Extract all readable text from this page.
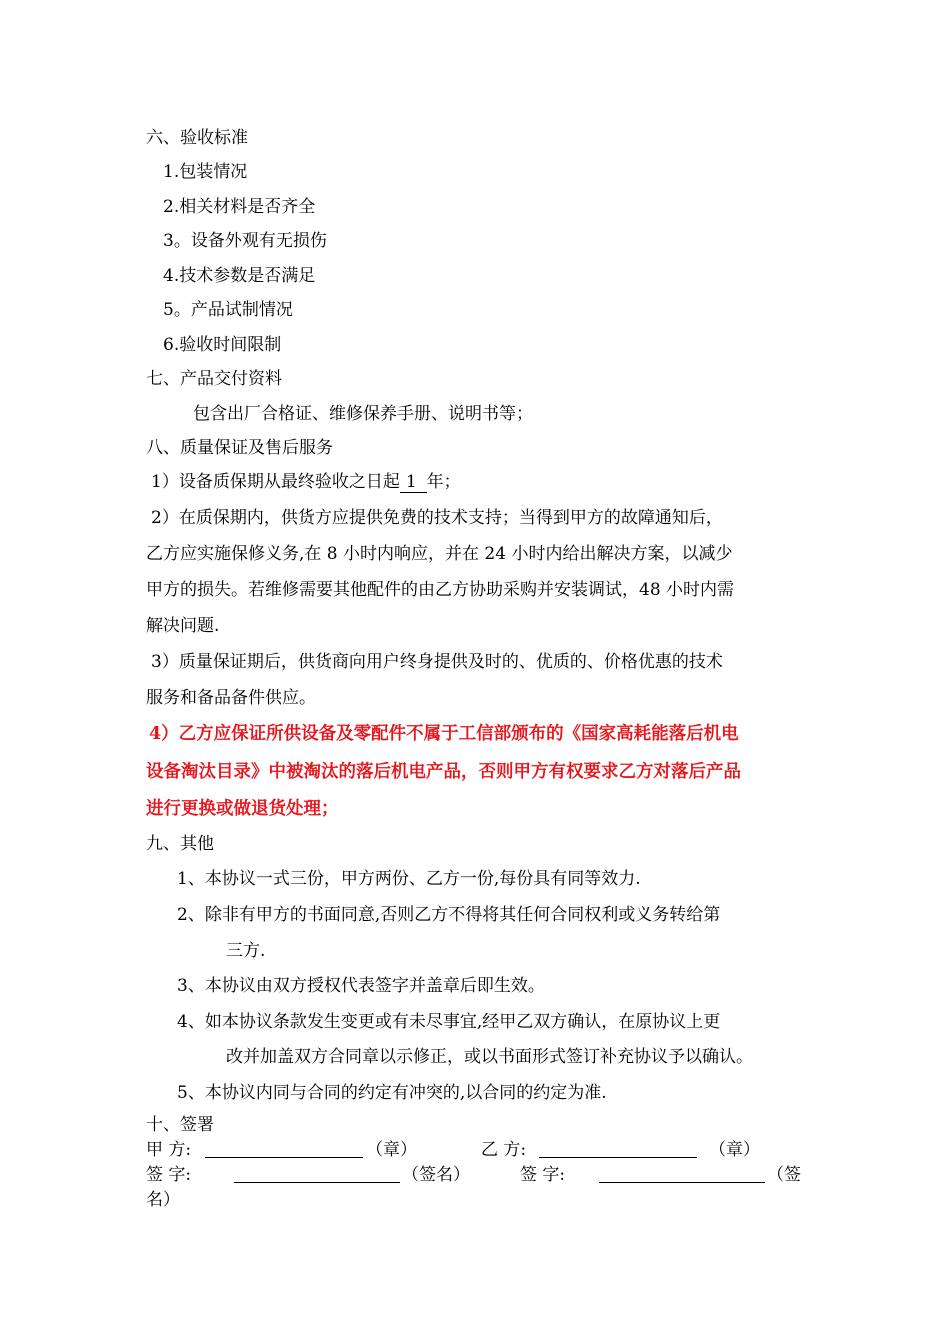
六、验收标准
1.包装情况
2.相关材料是否齐全
3。设备外观有无损伤
4.技术参数是否满足
5。产品试制情况
6.验收时间限制
七、产品交付资料
包含出厂合格证、维修保养手册、说明书等；
八、质量保证及售后服务
1）设备质保期从最终验收之日起 1 年；
2）在质保期内，供货方应提供免费的技术支持；当得到甲方的故障通知后，
乙方应实施保修义务,在 8 小时内响应，并在 24 小时内给出解决方案，以减少
甲方的损失。若维修需要其他配件的由乙方协助采购并安装调试，48 小时内需
解决问题.
3）质量保证期后，供货商向用户终身提供及时的、优质的、价格优惠的技术
服务和备品备件供应。
4）乙方应保证所供设备及零配件不属于工信部颁布的《国家高耗能落后机电
设备淘汰目录》中被淘汰的落后机电产品，否则甲方有权要求乙方对落后产品
进行更换或做退货处理；
九、其他
1、本协议一式三份，甲方两份、乙方一份,每份具有同等效力.
2、除非有甲方的书面同意,否则乙方不得将其任何合同权利或义务转给第
三方.
3、本协议由双方授权代表签字并盖章后即生效。
4、如本协议条款发生变更或有未尽事宜,经甲乙双方确认，在原协议上更
改并加盖双方合同章以示修正，或以书面形式签订补充协议予以确认。
5、本协议内同与合同的约定有冲突的,以合同的约定为准.
十、签署
甲 方:	（章）	乙 方:	（章）
签 字:	（签名）	签 字:	（签
名）
